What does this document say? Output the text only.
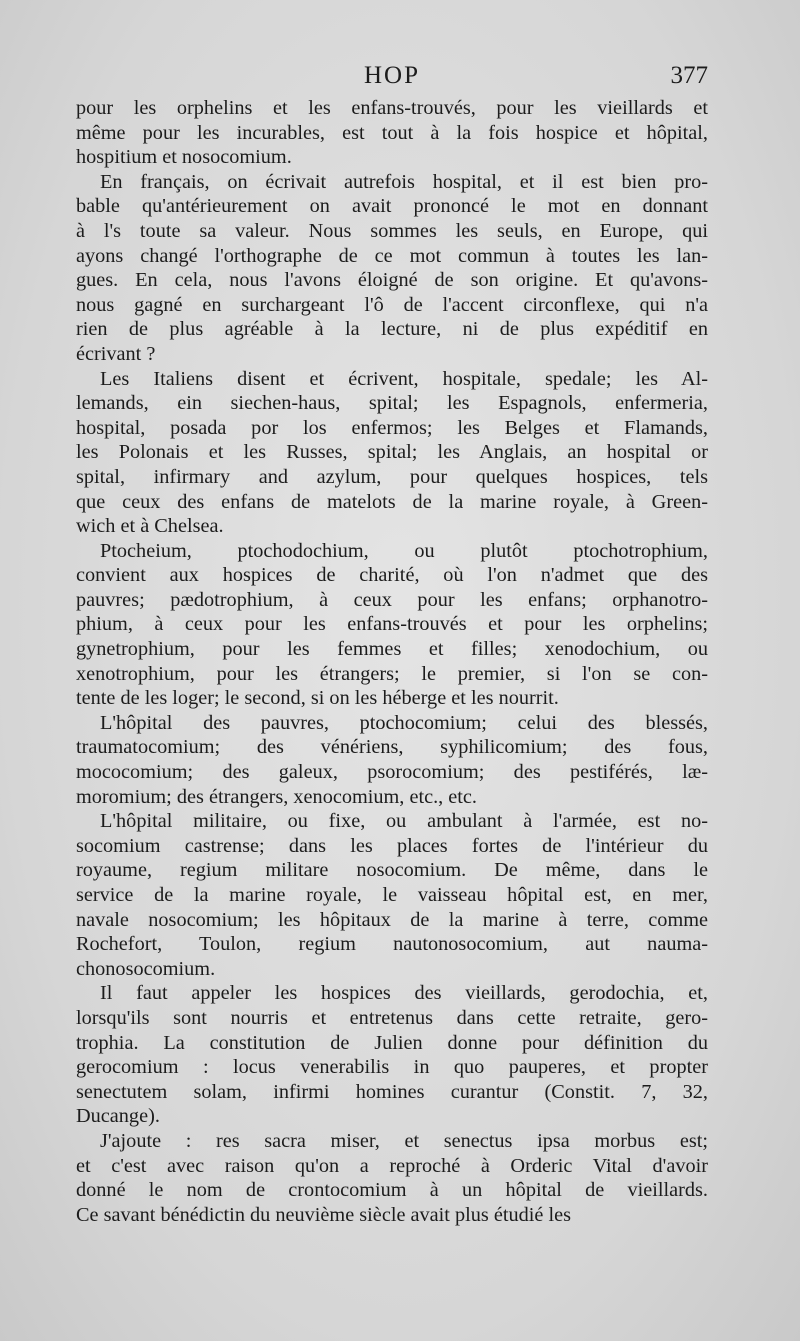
HOP	377
pour les orphelins et les enfans-trouvés, pour les vieillards et
même pour les incurables, est tout à la fois hospice et hôpital,
hospitium et nosocomium.
En français, on écrivait autrefois hospital, et il est bien pro-
bable qu'antérieurement on avait prononcé le mot en donnant
à l's toute sa valeur. Nous sommes les seuls, en Europe, qui
ayons changé l'orthographe de ce mot commun à toutes les lan-
gues. En cela, nous l'avons éloigné de son origine. Et qu'avons-
nous gagné en surchargeant l'ô de l'accent circonflexe, qui n'a
rien de plus agréable à la lecture, ni de plus expéditif en
écrivant ?
Les Italiens disent et écrivent, hospitale, spedale; les Al-
lemands, ein siechen-haus, spital; les Espagnols, enfermeria,
hospital, posada por los enfermos; les Belges et Flamands,
les Polonais et les Russes, spital; les Anglais, an hospital or
spital, infirmary and azylum, pour quelques hospices, tels
que ceux des enfans de matelots de la marine royale, à Green-
wich et à Chelsea.
Ptocheium, ptochodochium, ou plutôt ptochotrophium,
convient aux hospices de charité, où l'on n'admet que des
pauvres; pædotrophium, à ceux pour les enfans; orphanotro-
phium, à ceux pour les enfans-trouvés et pour les orphelins;
gynetrophium, pour les femmes et filles; xenodochium, ou
xenotrophium, pour les étrangers; le premier, si l'on se con-
tente de les loger; le second, si on les héberge et les nourrit.
L'hôpital des pauvres, ptochocomium; celui des blessés,
traumatocomium; des vénériens, syphilicomium; des fous,
mococomium; des galeux, psorocomium; des pestiférés, læ-
moromium; des étrangers, xenocomium, etc., etc.
L'hôpital militaire, ou fixe, ou ambulant à l'armée, est no-
socomium castrense; dans les places fortes de l'intérieur du
royaume, regium militare nosocomium. De même, dans le
service de la marine royale, le vaisseau hôpital est, en mer,
navale nosocomium; les hôpitaux de la marine à terre, comme
Rochefort, Toulon, regium nautonosocomium, aut nauma-
chonosocomium.
Il faut appeler les hospices des vieillards, gerodochia, et,
lorsqu'ils sont nourris et entretenus dans cette retraite, gero-
trophia. La constitution de Julien donne pour définition du
gerocomium : locus venerabilis in quo pauperes, et propter
senectutem solam, infirmi homines curantur (Constit. 7, 32,
Ducange).
J'ajoute : res sacra miser, et senectus ipsa morbus est;
et c'est avec raison qu'on a reproché à Orderic Vital d'avoir
donné le nom de crontocomium à un hôpital de vieillards.
Ce savant bénédictin du neuvième siècle avait plus étudié les
